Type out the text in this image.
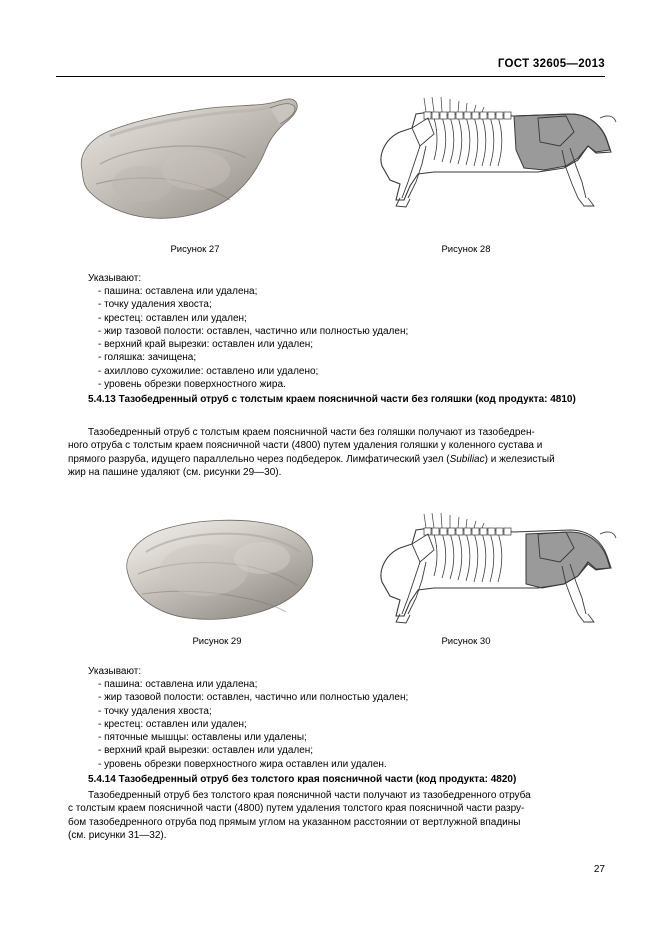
ГОСТ 32605—2013
Рисунок 27	Рисунок 28
Указывают:
- пашина: оставлена или удалена;
- точку удаления хвоста;
- крестец: оставлен или удален;
- жир тазовой полости: оставлен, частично или полностью удален;
- верхний край вырезки: оставлен или удален;
- голяшка: зачищена;
- ахиллово сухожилие: оставлено или удалено;
- уровень обрезки поверхностного жира.
5.4.13 Тазобедренный отруб с толстым краем поясничной части без голяшки (код продукта: 4810)
Тазобедренный отруб с толстым краем поясничной части без голяшки получают из тазобедрен-
ного отруба с толстым краем поясничной части (4800) путем удаления голяшки у коленного сустава и
прямого разруба, идущего параллельно через подбедерок. Лимфатический узел (Subiliac) и железистый
жир на пашине удаляют (см. рисунки 29—30).
Рисунок 29	Рисунок 30
Указывают:
- пашина: оставлена или удалена;
- жир тазовой полости: оставлен, частично или полностью удален;
- точку удаления хвоста;
- крестец: оставлен или удален;
- пяточные мышцы: оставлены или удалены;
- верхний край вырезки: оставлен или удален;
- уровень обрезки поверхностного жира оставлен или удален.
5.4.14 Тазобедренный отруб без толстого края поясничной части (код продукта: 4820)
Тазобедренный отруб без толстого края поясничной части получают из тазобедренного отруба
с толстым краем поясничной части (4800) путем удаления толстого края поясничной части разру-
бом тазобедренного отруба под прямым углом на указанном расстоянии от вертлужной впадины
(см. рисунки 31—32).
27
